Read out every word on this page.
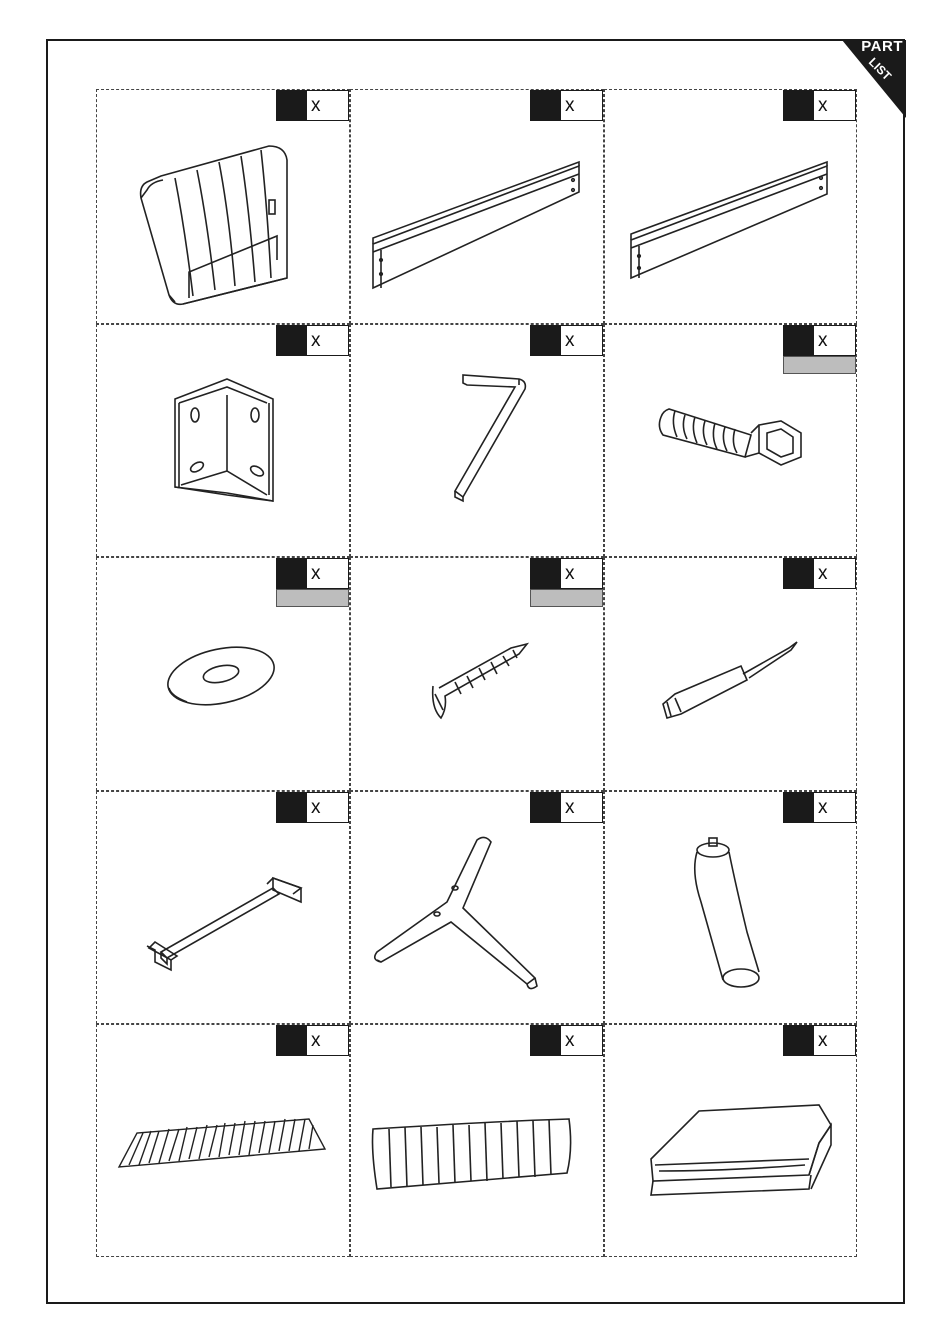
PART
LIST
x	x	x
x	x	x
x	x	x
x	x	x
x	x	x
